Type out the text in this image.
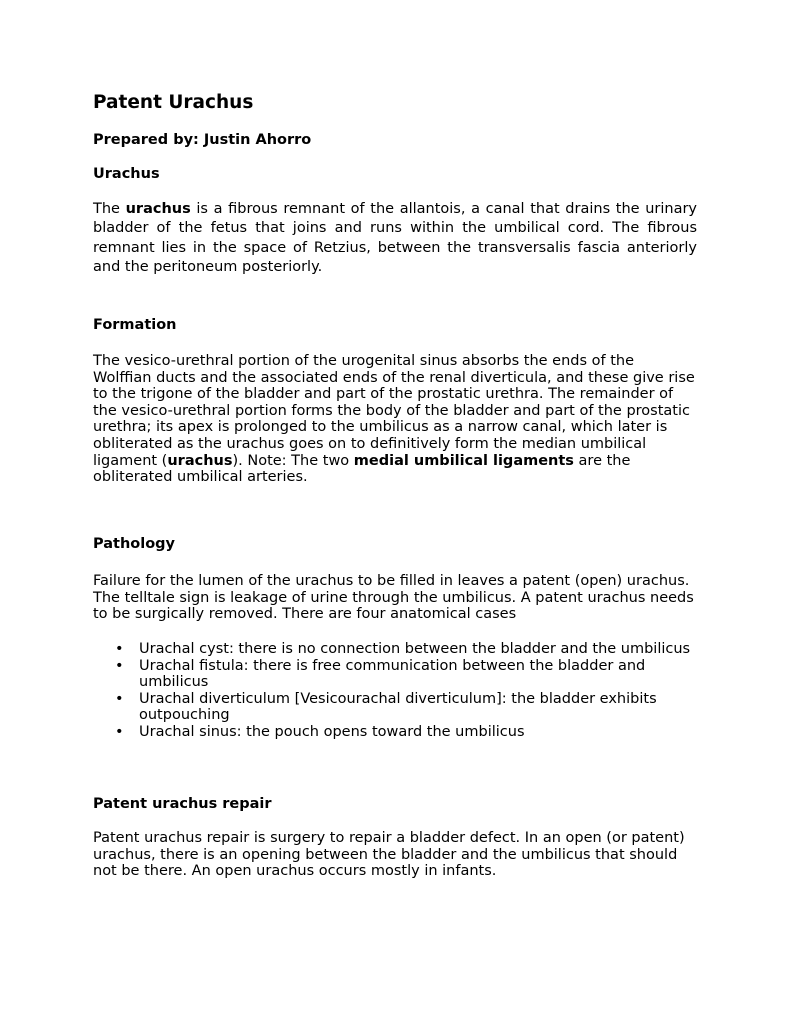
Patent Urachus

Prepared by: Justin Ahorro

Urachus

The urachus is a fibrous remnant of the allantois, a canal that drains the urinary bladder of the fetus that joins and runs within the umbilical cord. The fibrous remnant lies in the space of Retzius, between the transversalis fascia anteriorly and the peritoneum posteriorly.

Formation

The vesico-urethral portion of the urogenital sinus absorbs the ends of the Wolffian ducts and the associated ends of the renal diverticula, and these give rise to the trigone of the bladder and part of the prostatic urethra. The remainder of the vesico-urethral portion forms the body of the bladder and part of the prostatic urethra; its apex is prolonged to the umbilicus as a narrow canal, which later is obliterated as the urachus goes on to definitively form the median umbilical ligament (urachus). Note: The two medial umbilical ligaments are the obliterated umbilical arteries.

Pathology

Failure for the lumen of the urachus to be filled in leaves a patent (open) urachus. The telltale sign is leakage of urine through the umbilicus. A patent urachus needs to be surgically removed. There are four anatomical cases

• Urachal cyst: there is no connection between the bladder and the umbilicus
• Urachal fistula: there is free communication between the bladder and umbilicus
• Urachal diverticulum [Vesicourachal diverticulum]: the bladder exhibits outpouching
• Urachal sinus: the pouch opens toward the umbilicus
Patent urachus repair

Patent urachus repair is surgery to repair a bladder defect. In an open (or patent) urachus, there is an opening between the bladder and the umbilicus that should not be there. An open urachus occurs mostly in infants.
